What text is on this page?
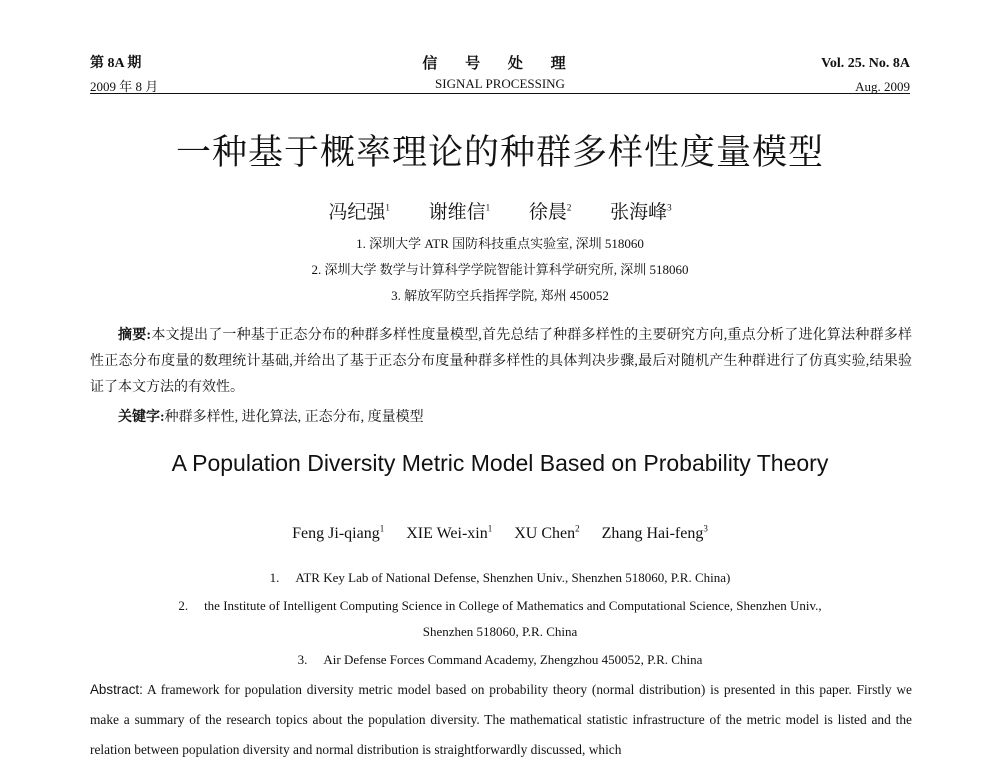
第 8A 期	信 号 处 理	Vol. 25. No. 8A
2009 年 8 月	SIGNAL PROCESSING	Aug. 2009
一种基于概率理论的种群多样性度量模型
冯纪强$^1$ 谢维信$^1$ 徐晨$^2$ 张海峰$^3$
1. 深圳大学 ATR 国防科技重点实验室, 深圳 518060
2. 深圳大学 数学与计算科学学院智能计算科学研究所, 深圳 518060
3. 解放军防空兵指挥学院, 郑州 450052
摘要:本文提出了一种基于正态分布的种群多样性度量模型,首先总结了种群多样性的主要研究方向,重点分析了进化算法种群多样性正态分布度量的数理统计基础,并给出了基于正态分布度量种群多样性的具体判决步骤,最后对随机产生种群进行了仿真实验,结果验证了本文方法的有效性。
关键字:种群多样性, 进化算法, 正态分布, 度量模型
A Population Diversity Metric Model Based on Probability Theory
Feng Ji-qiang$^1$ XIE Wei-xin$^1$ XU Chen$^2$ Zhang Hai-feng$^3$
1. ATR Key Lab of National Defense, Shenzhen Univ., Shenzhen 518060, P.R. China)
2. the Institute of Intelligent Computing Science in College of Mathematics and Computational Science, Shenzhen Univ.,
Shenzhen 518060, P.R. China
3. Air Defense Forces Command Academy, Zhengzhou 450052, P.R. China
Abstract: A framework for population diversity metric model based on probability theory (normal distribution) is presented in this paper. Firstly we make a summary of the research topics about the population diversity. The mathematical statistic infrastructure of the metric model is listed and the relation between population diversity and normal distribution is straightforwardly discussed, which
